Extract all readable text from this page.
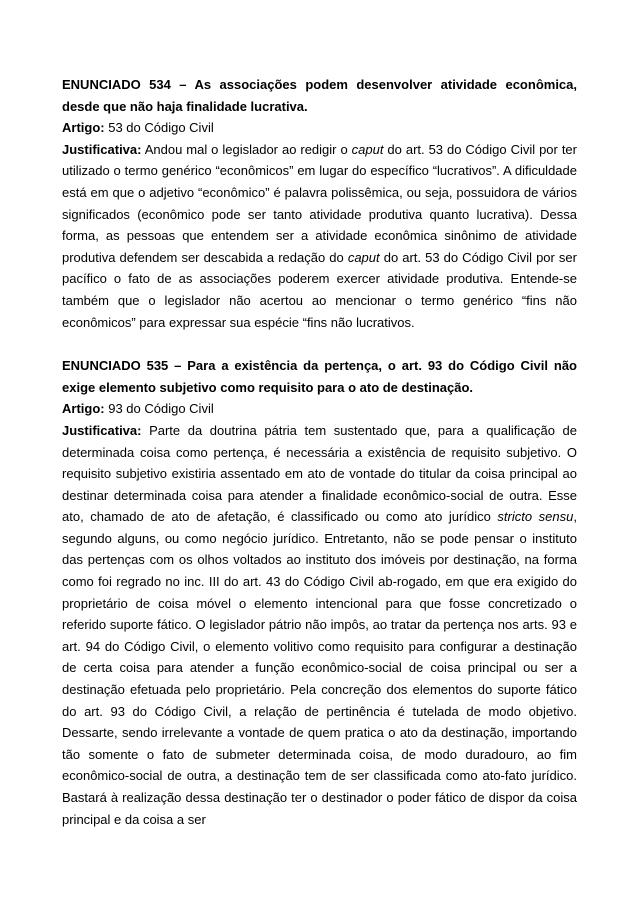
ENUNCIADO 534 – As associações podem desenvolver atividade econômica, desde que não haja finalidade lucrativa.

Artigo: 53 do Código Civil

Justificativa: Andou mal o legislador ao redigir o caput do art. 53 do Código Civil por ter utilizado o termo genérico “econômicos” em lugar do específico “lucrativos”. A dificuldade está em que o adjetivo “econômico” é palavra polissêmica, ou seja, possuidora de vários significados (econômico pode ser tanto atividade produtiva quanto lucrativa). Dessa forma, as pessoas que entendem ser a atividade econômica sinônimo de atividade produtiva defendem ser descabida a redação do caput do art. 53 do Código Civil por ser pacífico o fato de as associações poderem exercer atividade produtiva. Entende-se também que o legislador não acertou ao mencionar o termo genérico “fins não econômicos” para expressar sua espécie “fins não lucrativos.

ENUNCIADO 535 – Para a existência da pertença, o art. 93 do Código Civil não exige elemento subjetivo como requisito para o ato de destinação.

Artigo: 93 do Código Civil

Justificativa: Parte da doutrina pátria tem sustentado que, para a qualificação de determinada coisa como pertença, é necessária a existência de requisito subjetivo. O requisito subjetivo existiria assentado em ato de vontade do titular da coisa principal ao destinar determinada coisa para atender a finalidade econômico-social de outra. Esse ato, chamado de ato de afetação, é classificado ou como ato jurídico stricto sensu, segundo alguns, ou como negócio jurídico. Entretanto, não se pode pensar o instituto das pertenças com os olhos voltados ao instituto dos imóveis por destinação, na forma como foi regrado no inc. III do art. 43 do Código Civil ab-rogado, em que era exigido do proprietário de coisa móvel o elemento intencional para que fosse concretizado o referido suporte fático. O legislador pátrio não impôs, ao tratar da pertença nos arts. 93 e art. 94 do Código Civil, o elemento volitivo como requisito para configurar a destinação de certa coisa para atender a função econômico-social de coisa principal ou ser a destinação efetuada pelo proprietário. Pela concreção dos elementos do suporte fático do art. 93 do Código Civil, a relação de pertinência é tutelada de modo objetivo. Dessarte, sendo irrelevante a vontade de quem pratica o ato da destinação, importando tão somente o fato de submeter determinada coisa, de modo duradouro, ao fim econômico-social de outra, a destinação tem de ser classificada como ato-fato jurídico. Bastará à realização dessa destinação ter o destinador o poder fático de dispor da coisa principal e da coisa a ser
